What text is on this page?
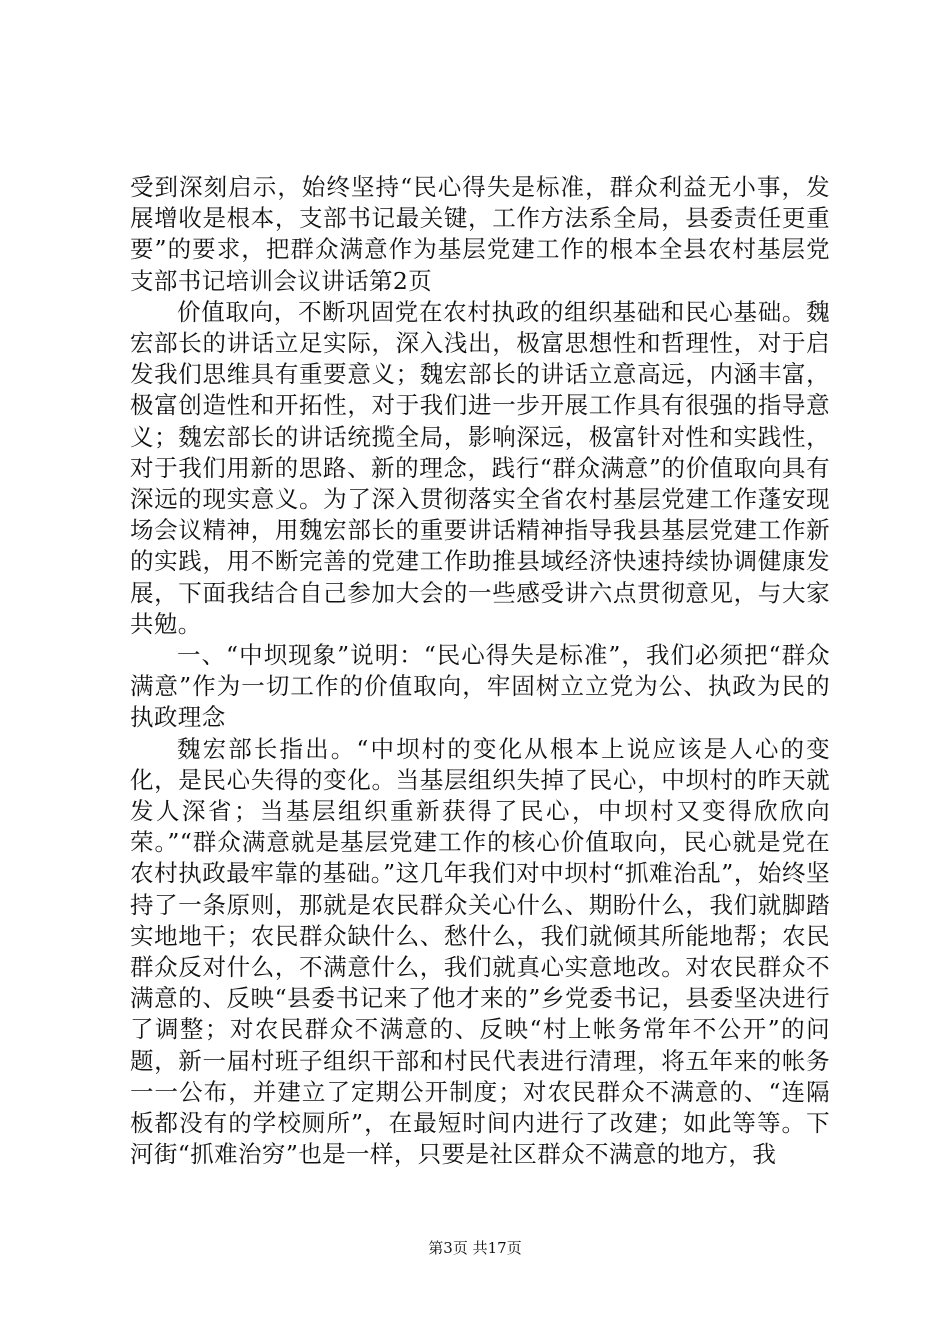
受到深刻启示，始终坚持“民心得失是标准，群众利益无小事，发展增收是根本，支部书记最关键，工作方法系全局，县委责任更重要”的要求，把群众满意作为基层党建工作的根本全县农村基层党支部书记培训会议讲话第2页

价值取向，不断巩固党在农村执政的组织基础和民心基础。魏宏部长的讲话立足实际，深入浅出，极富思想性和哲理性，对于启发我们思维具有重要意义；魏宏部长的讲话立意高远，内涵丰富，极富创造性和开拓性，对于我们进一步开展工作具有很强的指导意义；魏宏部长的讲话统揽全局，影响深远，极富针对性和实践性，对于我们用新的思路、新的理念，践行“群众满意”的价值取向具有深远的现实意义。为了深入贯彻落实全省农村基层党建工作蓬安现场会议精神，用魏宏部长的重要讲话精神指导我县基层党建工作新的实践，用不断完善的党建工作助推县域经济快速持续协调健康发展，下面我结合自己参加大会的一些感受讲六点贯彻意见，与大家共勉。

一、“中坝现象”说明：“民心得失是标准”，我们必须把“群众满意”作为一切工作的价值取向，牢固树立立党为公、执政为民的执政理念

魏宏部长指出。“中坝村的变化从根本上说应该是人心的变化，是民心失得的变化。当基层组织失掉了民心，中坝村的昨天就发人深省；当基层组织重新获得了民心，中坝村又变得欣欣向荣。”“群众满意就是基层党建工作的核心价值取向，民心就是党在农村执政最牢靠的基础。”这几年我们对中坝村“抓难治乱”，始终坚持了一条原则，那就是农民群众关心什么、期盼什么，我们就脚踏实地地干；农民群众缺什么、愁什么，我们就倾其所能地帮；农民群众反对什么，不满意什么，我们就真心实意地改。对农民群众不满意的、反映“县委书记来了他才来的”乡党委书记，县委坚决进行了调整；对农民群众不满意的、反映“村上帐务常年不公开”的问题，新一届村班子组织干部和村民代表进行清理，将五年来的帐务一一公布，并建立了定期公开制度；对农民群众不满意的、“连隔板都没有的学校厕所”，在最短时间内进行了改建；如此等等。下河街“抓难治穷”也是一样，只要是社区群众不满意的地方，我

第3页 共17页
